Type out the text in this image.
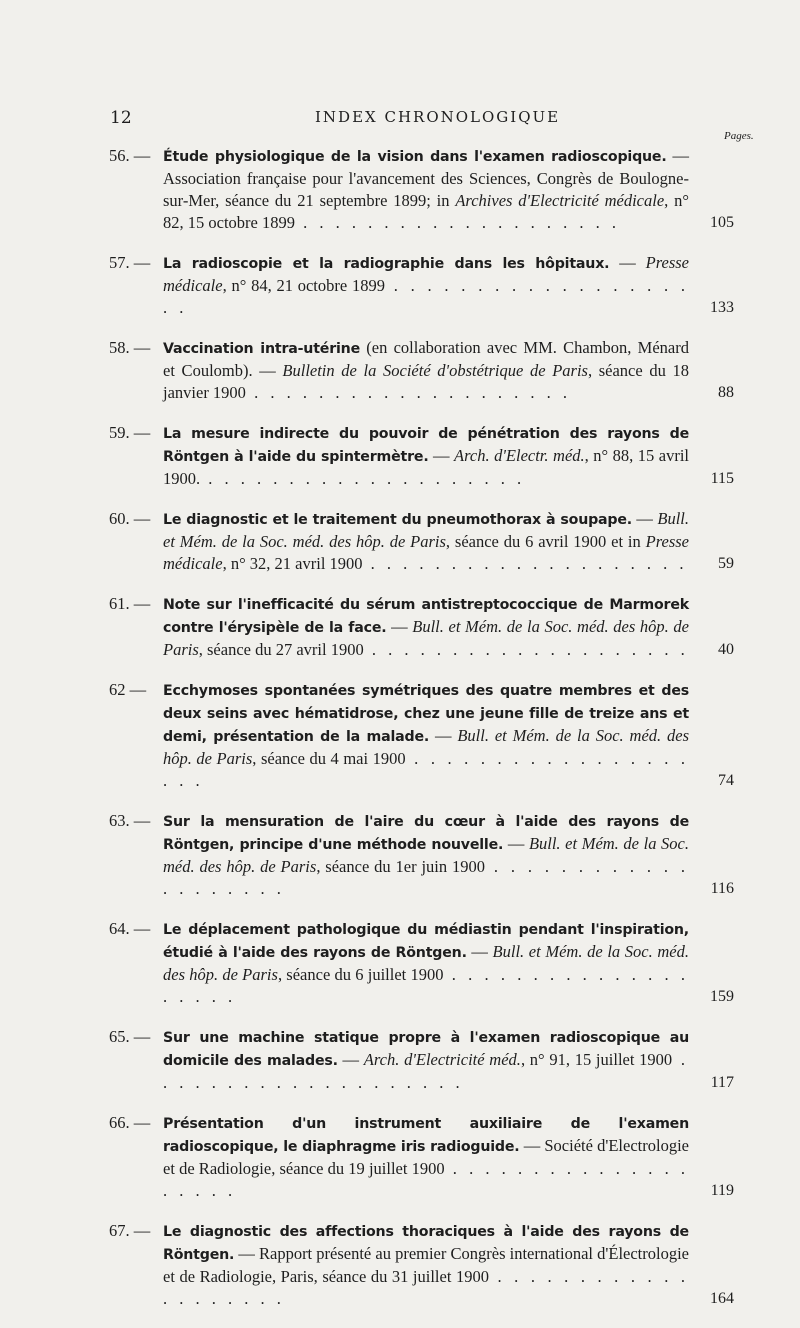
12	INDEX CHRONOLOGIQUE
Pages.
56. — Étude physiologique de la vision dans l'examen radioscopique. — Association française pour l'avancement des Sciences, Congrès de Boulogne-sur-Mer, séance du 21 septembre 1899; in Archives d'Electricité médicale, n° 82, 15 octobre 1899 . . . . . . . . . . . . . . . . . . . .	105
57. — La radioscopie et la radiographie dans les hôpitaux. — Presse médicale, n° 84, 21 octobre 1899 . . . . . . . . . . . . . . . . . . . .	133
58. — Vaccination intra-utérine (en collaboration avec MM. Chambon, Ménard et Coulomb). — Bulletin de la Société d'obstétrique de Paris, séance du 18 janvier 1900 . . . . . . . . . . . . . . . . . . . .	88
59. — La mesure indirecte du pouvoir de pénétration des rayons de Röntgen à l'aide du spintermètre. — Arch. d'Electr. méd., n° 88, 15 avril 1900. . . . . . . . . . . . . . . . . . . . .	115
60. — Le diagnostic et le traitement du pneumothorax à soupape. — Bull. et Mém. de la Soc. méd. des hôp. de Paris, séance du 6 avril 1900 et in Presse médicale, n° 32, 21 avril 1900 . . . . . . . . . . . . . . . . . . . . 59
61. — Note sur l'inefficacité du sérum antistreptococcique de Marmorek contre l'érysipèle de la face. — Bull. et Mém. de la Soc. méd. des hôp. de Paris, séance du 27 avril 1900 . . . . . . . . . . . . . . . . . . . . 40
62 —	Ecchymoses spontanées symétriques des quatre membres et des deux seins avec hématidrose, chez une jeune fille de treize ans et demi, présentation de la malade. — Bull. et Mém. de la Soc. méd. des hôp. de Paris, séance du 4 mai 1900 . . . . . . . . . . . . . . . . . . . .	74
63. — Sur la mensuration de l'aire du cœur à l'aide des rayons de Röntgen, principe d'une méthode nouvelle. — Bull. et Mém. de la Soc. méd. des hôp. de Paris, séance du 1er juin 1900 . . . . . . . . . . . . . . . . . . . .	116
64. — Le déplacement pathologique du médiastin pendant l'inspiration, étudié à l'aide des rayons de Röntgen. — Bull. et Mém. de la Soc. méd. des hôp. de Paris, séance du 6 juillet 1900 . . . . . . . . . . . . . . . . . . . .	159
65. — Sur une machine statique propre à l'examen radioscopique au domicile des malades. — Arch. d'Electricité méd., n° 91, 15 juillet 1900 . . . . . . . . . . . . . . . . . . . .	117
66. — Présentation d'un instrument auxiliaire de l'examen radioscopique, le diaphragme iris radioguide. — Société d'Electrologie et de Radiologie, séance du 19 juillet 1900 . . . . . . . . . . . . . . . . . . . .	119
67. — Le diagnostic des affections thoraciques à l'aide des rayons de Röntgen. — Rapport présenté au premier Congrès international d'Électrologie et de Radiologie, Paris, séance du 31 juillet 1900 . . . . . . . . . . . . . . . . . . . .	164
